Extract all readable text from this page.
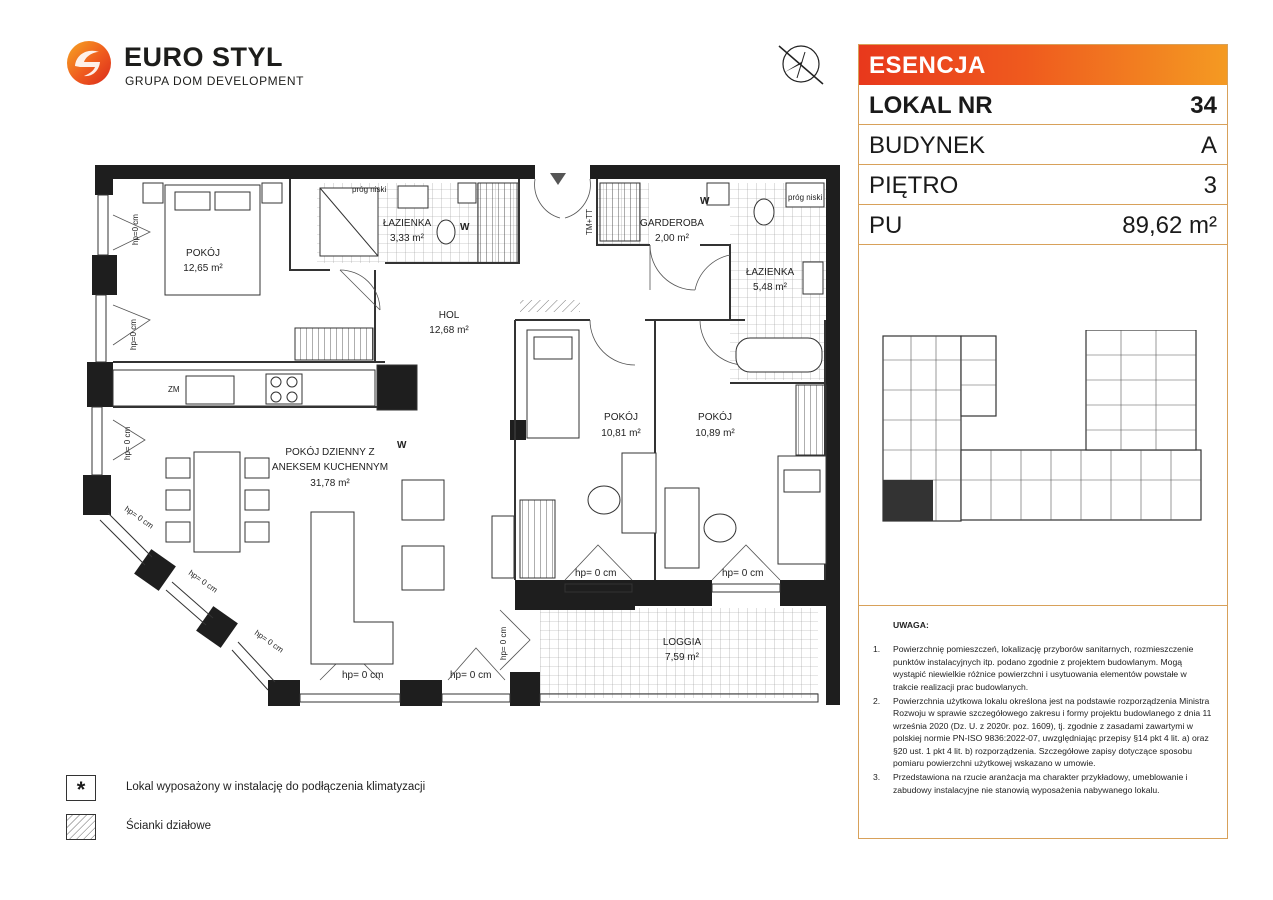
EURO STYL
GRUPA DOM DEVELOPMENT
POKÓJ
12,65 m²
ŁAZIENKA
3,33 m²
HOL
12,68 m²
GARDEROBA
2,00 m²
ŁAZIENKA
5,48 m²
POKÓJ DZIENNY Z
ANEKSEM KUCHENNYM
31,78 m²
POKÓJ
10,81 m²
POKÓJ
10,89 m²
LOGGIA
7,59 m²
hp=0 cm
hp=0 cm
hp= 0 cm
hp= 0 cm
hp= 0 cm
hp= 0 cm
hp= 0 cm	hp= 0 cm
hp= 0 cm	hp= 0 cm
hp= 0 cm
próg niski
próg niski
ZM
W
W
W
TM+TT
ESENCJA
LOKAL NR	34
BUDYNEK	A
PIĘTRO	3
PU	89,62 m²
UWAGA:
1. Powierzchnię pomieszczeń, lokalizację przyborów sanitarnych, rozmieszczenie punktów instalacyjnych itp. podano zgodnie z projektem budowlanym. Mogą wystąpić niewielkie różnice powierzchni i usytuowania elementów powstałe w trakcie realizacji prac budowlanych.
2. Powierzchnia użytkowa lokalu określona jest na podstawie rozporządzenia Ministra Rozwoju w sprawie szczegółowego zakresu i formy projektu budowlanego z dnia 11 września 2020 (Dz. U. z 2020r. poz. 1609), tj. zgodnie z zasadami zawartymi w polskiej normie PN-ISO 9836:2022-07, uwzględniając przepisy §14 pkt 4 lit. a) oraz §20 ust. 1 pkt 4 lit. b) rozporządzenia. Szczegółowe zapisy dotyczące sposobu pomiaru powierzchni użytkowej wskazano w umowie.
3. Przedstawiona na rzucie aranżacja ma charakter przykładowy, umeblowanie i zabudowy instalacyjne nie stanowią wyposażenia nabywanego lokalu.
*	Lokal wyposażony w instalację do podłączenia klimatyzacji
Ścianki działowe
